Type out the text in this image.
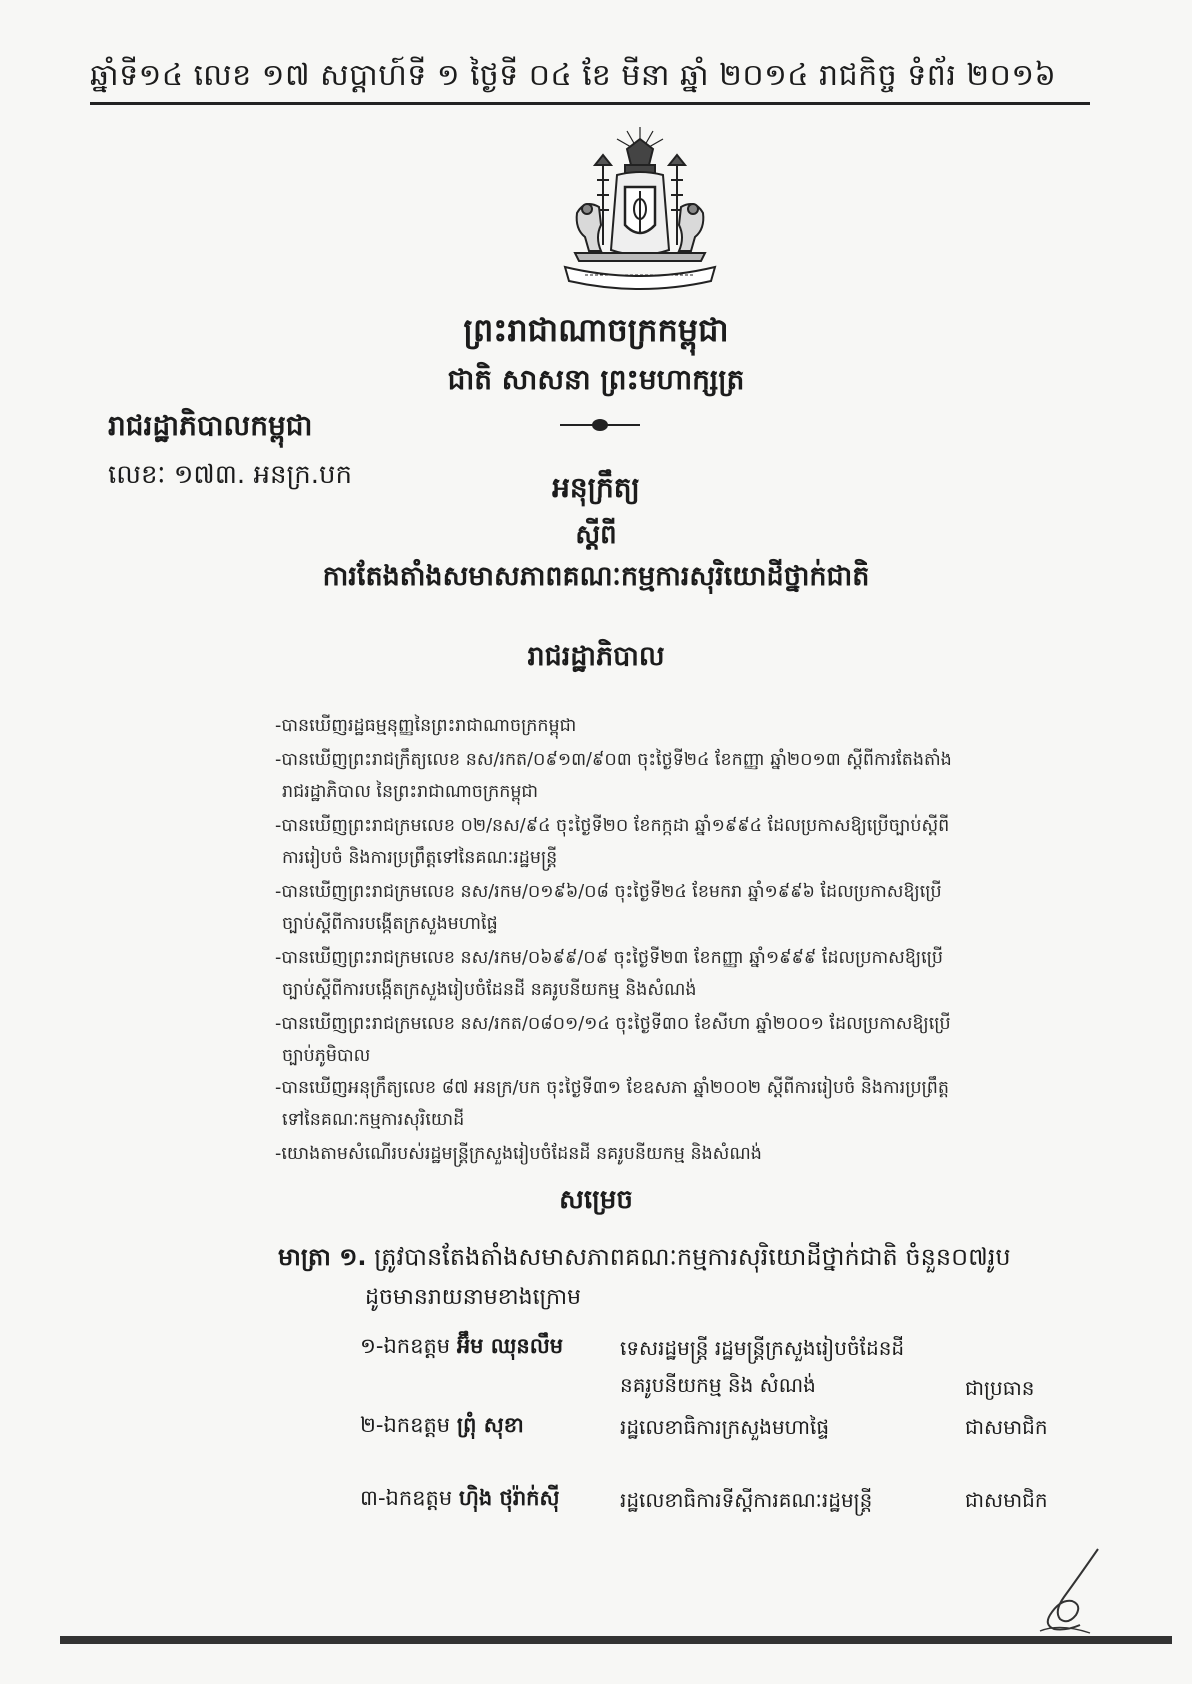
ឆ្នាំទី១៤ លេខ ១៧ សប្តាហ៍ទី ១ ថ្ងៃទី ០៤ ខែ មីនា ឆ្នាំ ២០១៤ រាជកិច្ច ទំព័រ ២០១៦
ព្រះរាជាណាចក្រកម្ពុជា
ជាតិ សាសនា ព្រះមហាក្សត្រ
រាជរដ្ឋាភិបាលកម្ពុជា
លេខៈ ១៧៣. អនក្រ.បក	អនុក្រឹត្យ
ស្តីពី
ការតែងតាំងសមាសភាពគណៈកម្មការសុរិយោដីថ្នាក់ជាតិ
រាជរដ្ឋាភិបាល
-បានឃើញរដ្ឋធម្មនុញ្ញនៃព្រះរាជាណាចក្រកម្ពុជា
-បានឃើញព្រះរាជក្រឹត្យលេខ នស/រកត/០៩១៣/៩០៣ ចុះថ្ងៃទី២៤ ខែកញ្ញា ឆ្នាំ២០១៣ ស្តីពីការតែងតាំង
រាជរដ្ឋាភិបាល នៃព្រះរាជាណាចក្រកម្ពុជា
-បានឃើញព្រះរាជក្រមលេខ ០២/នស/៩៤ ចុះថ្ងៃទី២០ ខែកក្កដា ឆ្នាំ១៩៩៤ ដែលប្រកាសឱ្យប្រើច្បាប់ស្តីពី
ការរៀបចំ និងការប្រព្រឹត្តទៅនៃគណៈរដ្ឋមន្ត្រី
-បានឃើញព្រះរាជក្រមលេខ នស/រកម/០១៩៦/០៨ ចុះថ្ងៃទី២៤ ខែមករា ឆ្នាំ១៩៩៦ ដែលប្រកាសឱ្យប្រើ
ច្បាប់ស្តីពីការបង្កើតក្រសួងមហាផ្ទៃ
-បានឃើញព្រះរាជក្រមលេខ នស/រកម/០៦៩៩/០៩ ចុះថ្ងៃទី២៣ ខែកញ្ញា ឆ្នាំ១៩៩៩ ដែលប្រកាសឱ្យប្រើ
ច្បាប់ស្តីពីការបង្កើតក្រសួងរៀបចំដែនដី នគរូបនីយកម្ម និងសំណង់
-បានឃើញព្រះរាជក្រមលេខ នស/រកត/០៨០១/១៤ ចុះថ្ងៃទី៣០ ខែសីហា ឆ្នាំ២០០១ ដែលប្រកាសឱ្យប្រើ
ច្បាប់ភូមិបាល
-បានឃើញអនុក្រឹត្យលេខ ៨៧ អនក្រ/បក ចុះថ្ងៃទី៣១ ខែឧសភា ឆ្នាំ២០០២ ស្តីពីការរៀបចំ និងការប្រព្រឹត្ត
ទៅនៃគណៈកម្មការសុរិយោដី
-យោងតាមសំណើរបស់រដ្ឋមន្ត្រីក្រសួងរៀបចំដែនដី នគរូបនីយកម្ម និងសំណង់
សម្រេច
មាត្រា ១. ត្រូវបានតែងតាំងសមាសភាពគណៈកម្មការសុរិយោដីថ្នាក់ជាតិ ចំនួន០៧រូប
ដូចមានរាយនាមខាងក្រោម
១-ឯកឧត្តម អ៊ឹម ឈុនលឹម	ទេសរដ្ឋមន្ត្រី រដ្ឋមន្ត្រីក្រសួងរៀបចំដែនដី
នគរូបនីយកម្ម និង សំណង់	ជាប្រធាន
២-ឯកឧត្តម ព្រុំ សុខា	រដ្ឋលេខាធិការក្រសួងមហាផ្ទៃ	ជាសមាជិក
៣-ឯកឧត្តម ហ៊ិង ថុរ៉ាក់សុី	រដ្ឋលេខាធិការទីស្តីការគណៈរដ្ឋមន្ត្រី	ជាសមាជិក
